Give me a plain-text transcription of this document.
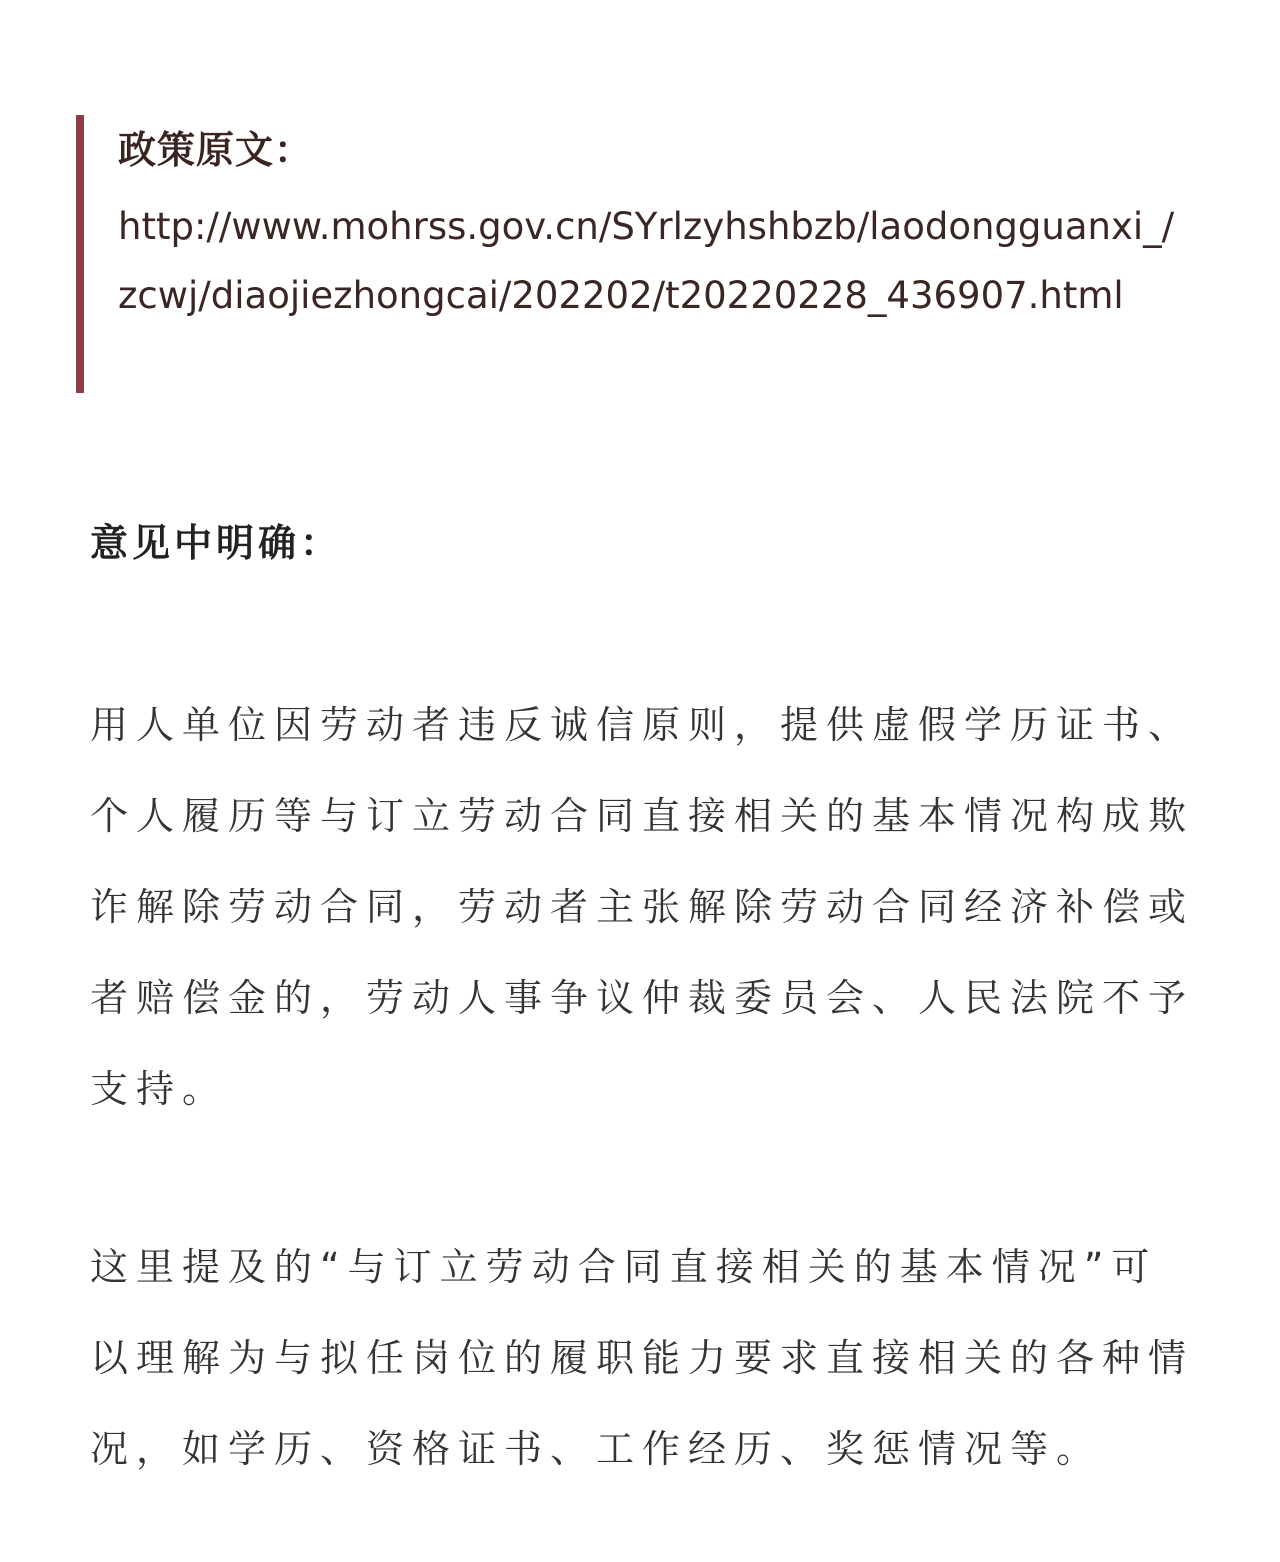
政策原文：
http://www.mohrss.gov.cn/SYrlzyhshbzb/laodongguanxi_/zcwj/diaojiezhongcai/202202/t20220228_436907.html
意见中明确：

用人单位因劳动者违反诚信原则，提供虚假学历证书、个人履历等与订立劳动合同直接相关的基本情况构成欺诈解除劳动合同，劳动者主张解除劳动合同经济补偿或者赔偿金的，劳动人事争议仲裁委员会、人民法院不予支持。

这里提及的“与订立劳动合同直接相关的基本情况”可以理解为与拟任岗位的履职能力要求直接相关的各种情况，如学历、资格证书、工作经历、奖惩情况等。
